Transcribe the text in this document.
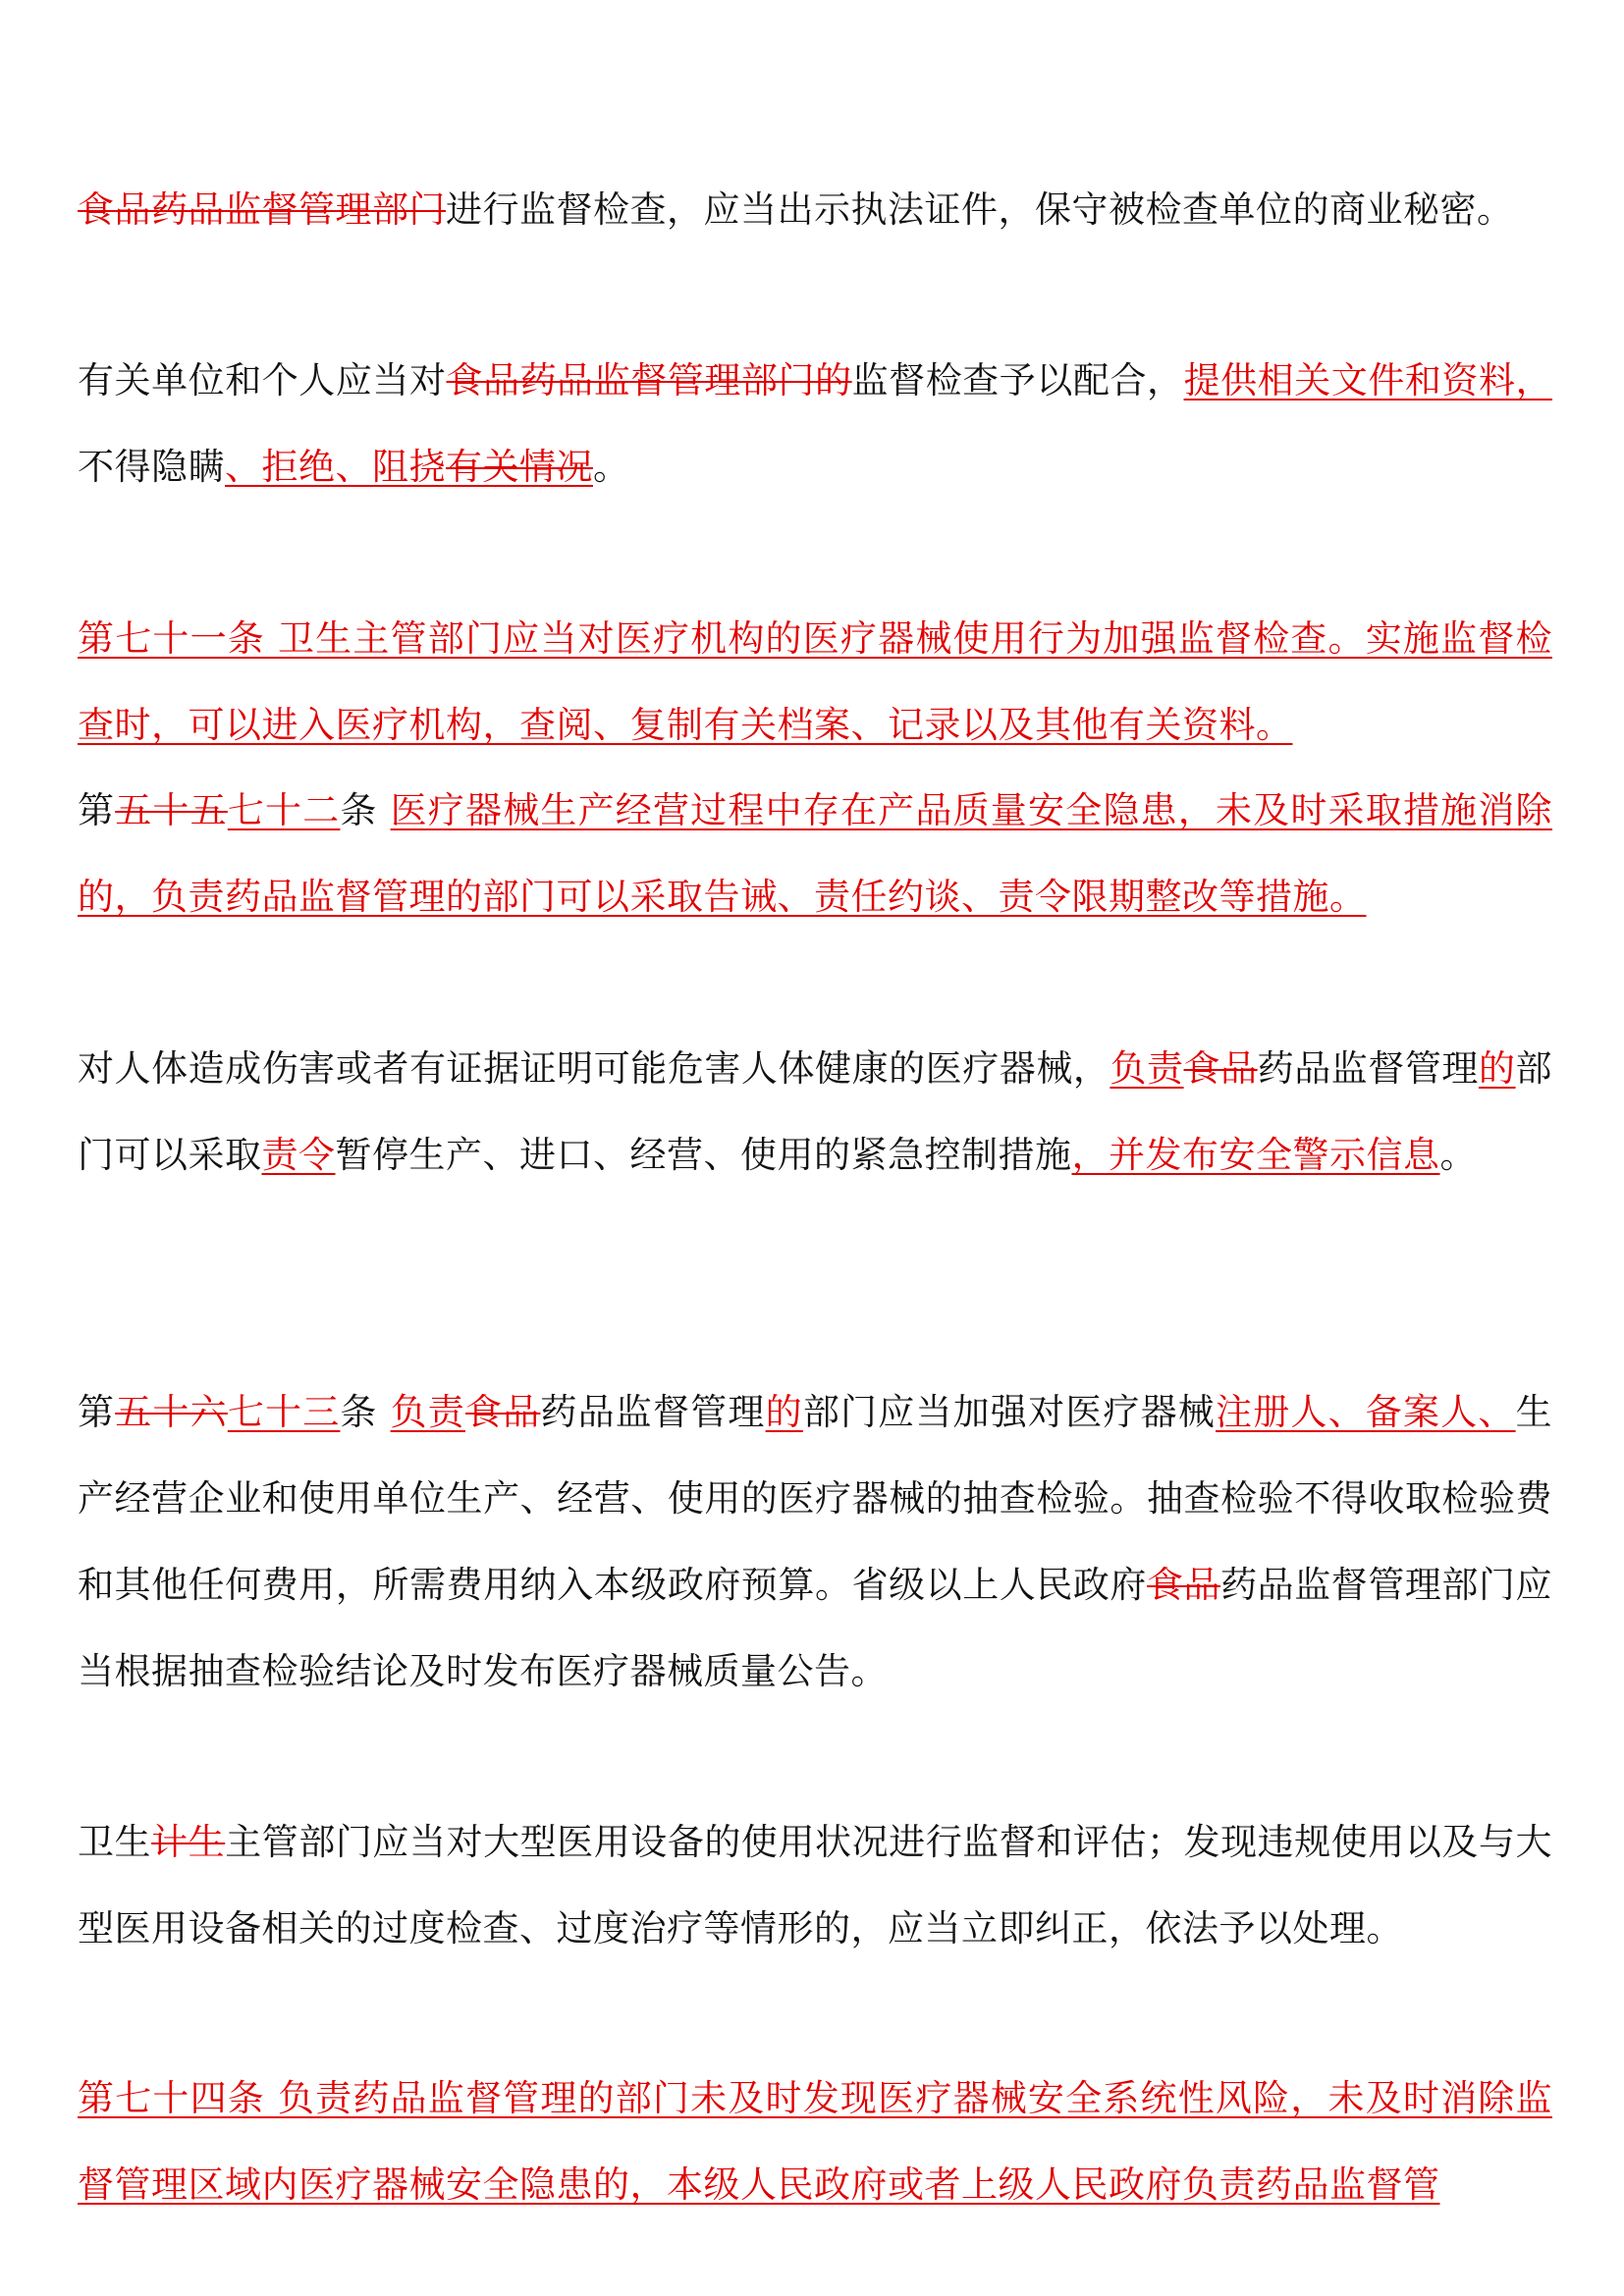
食品药品监督管理部门进行监督检查，应当出示执法证件，保守被检查单位的商业秘密。

有关单位和个人应当对食品药品监督管理部门的监督检查予以配合，提供相关文件和资料，不得隐瞒、拒绝、阻挠有关情况。

第七十一条 卫生主管部门应当对医疗机构的医疗器械使用行为加强监督检查。实施监督检查时，可以进入医疗机构，查阅、复制有关档案、记录以及其他有关资料。

第五十五七十二条 医疗器械生产经营过程中存在产品质量安全隐患，未及时采取措施消除的，负责药品监督管理的部门可以采取告诫、责任约谈、责令限期整改等措施。

对人体造成伤害或者有证据证明可能危害人体健康的医疗器械，负责食品药品监督管理的部门可以采取责令暂停生产、进口、经营、使用的紧急控制措施，并发布安全警示信息。

第五十六七十三条 负责食品药品监督管理的部门应当加强对医疗器械注册人、备案人、生产经营企业和使用单位生产、经营、使用的医疗器械的抽查检验。抽查检验不得收取检验费和其他任何费用，所需费用纳入本级政府预算。省级以上人民政府食品药品监督管理部门应当根据抽查检验结论及时发布医疗器械质量公告。

卫生计生主管部门应当对大型医用设备的使用状况进行监督和评估；发现违规使用以及与大型医用设备相关的过度检查、过度治疗等情形的，应当立即纠正，依法予以处理。

第七十四条 负责药品监督管理的部门未及时发现医疗器械安全系统性风险，未及时消除监督管理区域内医疗器械安全隐患的，本级人民政府或者上级人民政府负责药品监督管
